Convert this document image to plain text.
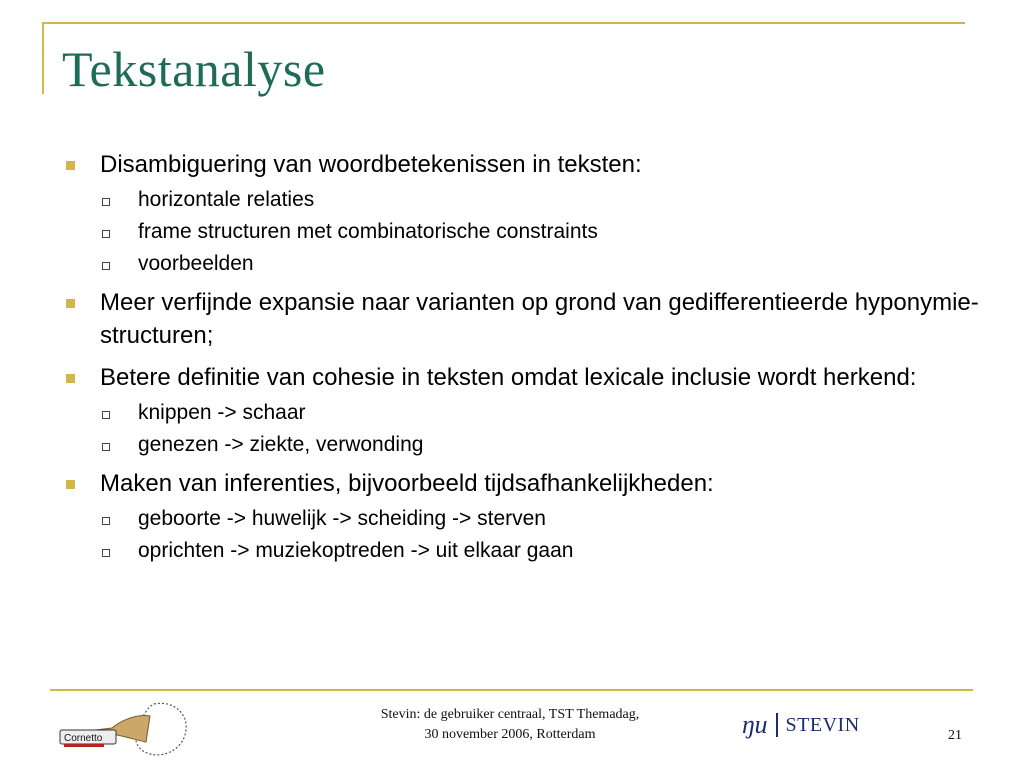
Tekstanalyse
Disambiguering van woordbetekenissen in teksten:
horizontale relaties
frame structuren met combinatorische constraints
voorbeelden
Meer verfijnde expansie naar varianten op grond van gedifferentieerde hyponymie-structuren;
Betere definitie van cohesie in teksten omdat lexicale inclusie wordt herkend:
knippen -> schaar
genezen -> ziekte, verwonding
Maken van inferenties, bijvoorbeeld tijdsafhankelijkheden:
geboorte -> huwelijk -> scheiding -> sterven
oprichten -> muziekoptreden -> uit elkaar gaan
Cornetto
Stevin: de gebruiker centraal, TST Themadag,
30 november 2006, Rotterdam	ŋu STEVIN	21
